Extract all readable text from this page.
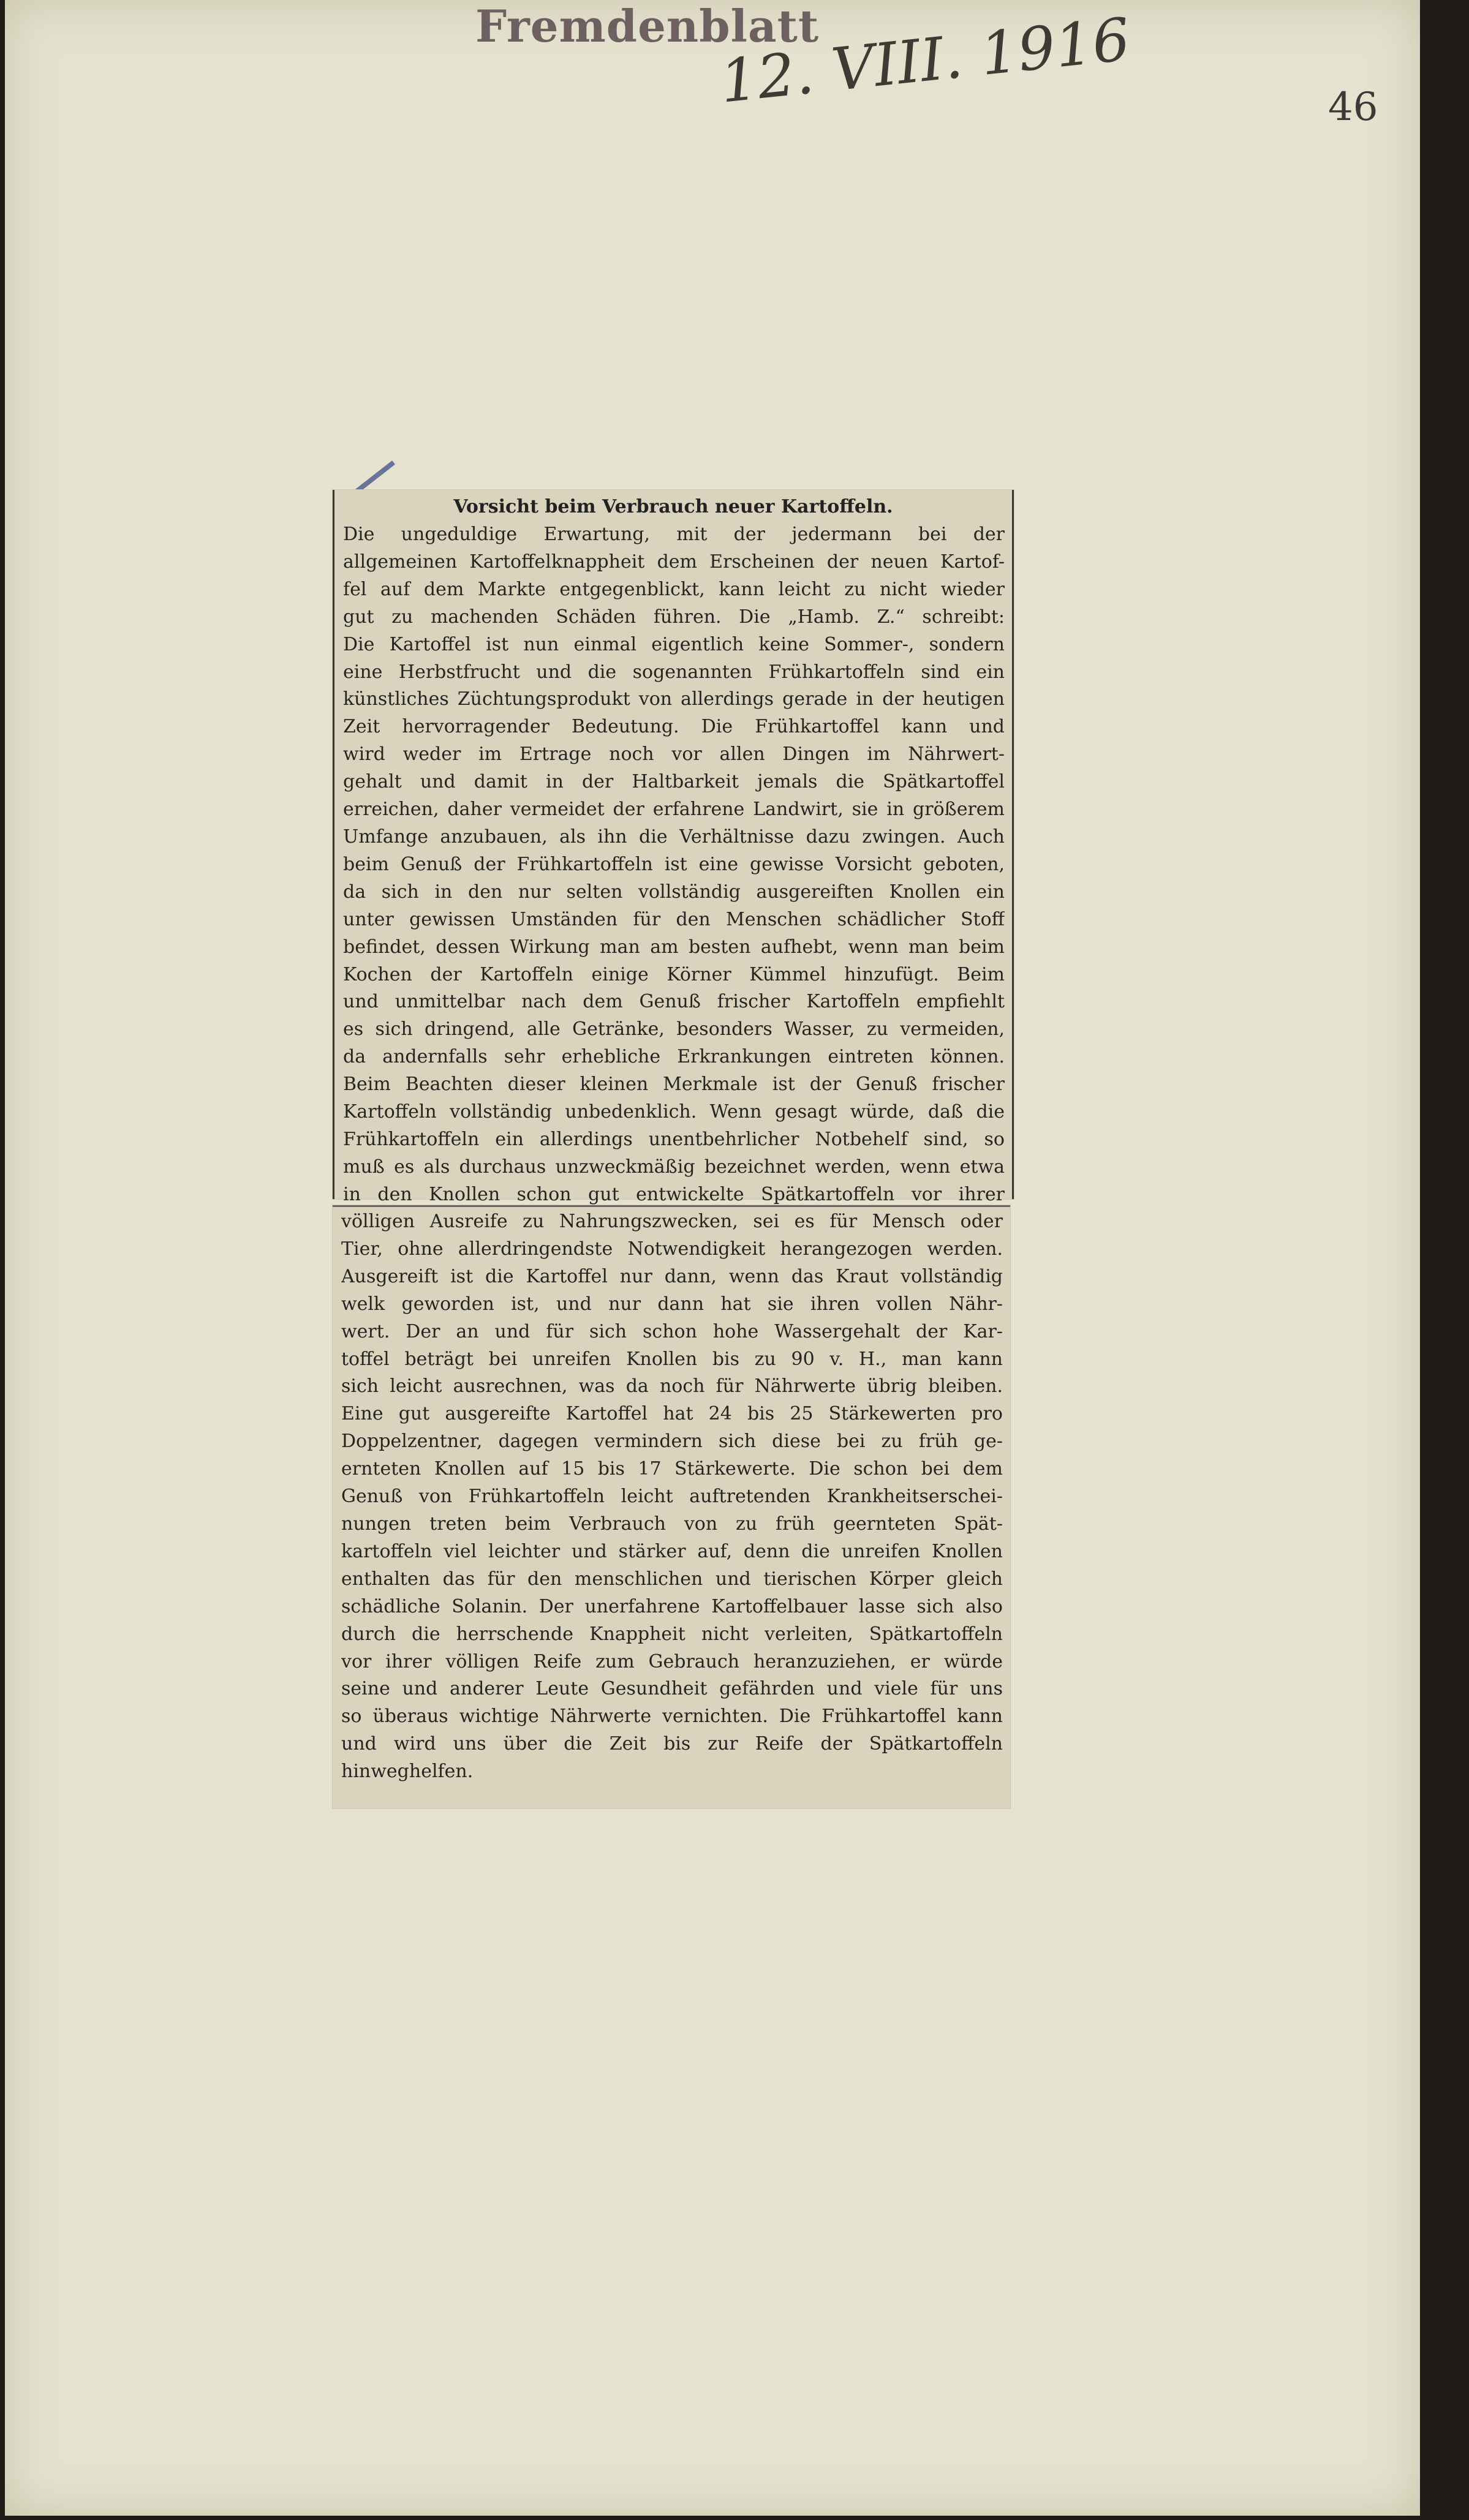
Fremdenblatt
12. VIII. 1916	46
Vorsicht beim Verbrauch neuer Kartoffeln.
Die ungeduldige Erwartung, mit der jedermann bei der
allgemeinen Kartoffelknappheit dem Erscheinen der neuen Kartof-
fel auf dem Markte entgegenblickt, kann leicht zu nicht wieder
gut zu machenden Schäden führen. Die „Hamb. Z.“ schreibt:
Die Kartoffel ist nun einmal eigentlich keine Sommer-, sondern
eine Herbstfrucht und die sogenannten Frühkartoffeln sind ein
künstliches Züchtungsprodukt von allerdings gerade in der heutigen
Zeit hervorragender Bedeutung. Die Frühkartoffel kann und
wird weder im Ertrage noch vor allen Dingen im Nährwert-
gehalt und damit in der Haltbarkeit jemals die Spätkartoffel
erreichen, daher vermeidet der erfahrene Landwirt, sie in größerem
Umfange anzubauen, als ihn die Verhältnisse dazu zwingen. Auch
beim Genuß der Frühkartoffeln ist eine gewisse Vorsicht geboten,
da sich in den nur selten vollständig ausgereiften Knollen ein
unter gewissen Umständen für den Menschen schädlicher Stoff
befindet, dessen Wirkung man am besten aufhebt, wenn man beim
Kochen der Kartoffeln einige Körner Kümmel hinzufügt. Beim
und unmittelbar nach dem Genuß frischer Kartoffeln empfiehlt
es sich dringend, alle Getränke, besonders Wasser, zu vermeiden,
da andernfalls sehr erhebliche Erkrankungen eintreten können.
Beim Beachten dieser kleinen Merkmale ist der Genuß frischer
Kartoffeln vollständig unbedenklich. Wenn gesagt würde, daß die
Frühkartoffeln ein allerdings unentbehrlicher Notbehelf sind, so
muß es als durchaus unzweckmäßig bezeichnet werden, wenn etwa
in den Knollen schon gut entwickelte Spätkartoffeln vor ihrer
völligen Ausreife zu Nahrungszwecken, sei es für Mensch oder
Tier, ohne allerdringendste Notwendigkeit herangezogen werden.
Ausgereift ist die Kartoffel nur dann, wenn das Kraut vollständig
welk geworden ist, und nur dann hat sie ihren vollen Nähr-
wert. Der an und für sich schon hohe Wassergehalt der Kar-
toffel beträgt bei unreifen Knollen bis zu 90 v. H., man kann
sich leicht ausrechnen, was da noch für Nährwerte übrig bleiben.
Eine gut ausgereifte Kartoffel hat 24 bis 25 Stärkewerten pro
Doppelzentner, dagegen vermindern sich diese bei zu früh ge-
ernteten Knollen auf 15 bis 17 Stärkewerte. Die schon bei dem
Genuß von Frühkartoffeln leicht auftretenden Krankheitserschei-
nungen treten beim Verbrauch von zu früh geernteten Spät-
kartoffeln viel leichter und stärker auf, denn die unreifen Knollen
enthalten das für den menschlichen und tierischen Körper gleich
schädliche Solanin. Der unerfahrene Kartoffelbauer lasse sich also
durch die herrschende Knappheit nicht verleiten, Spätkartoffeln
vor ihrer völligen Reife zum Gebrauch heranzuziehen, er würde
seine und anderer Leute Gesundheit gefährden und viele für uns
so überaus wichtige Nährwerte vernichten. Die Frühkartoffel kann
und wird uns über die Zeit bis zur Reife der Spätkartoffeln
hinweghelfen.
